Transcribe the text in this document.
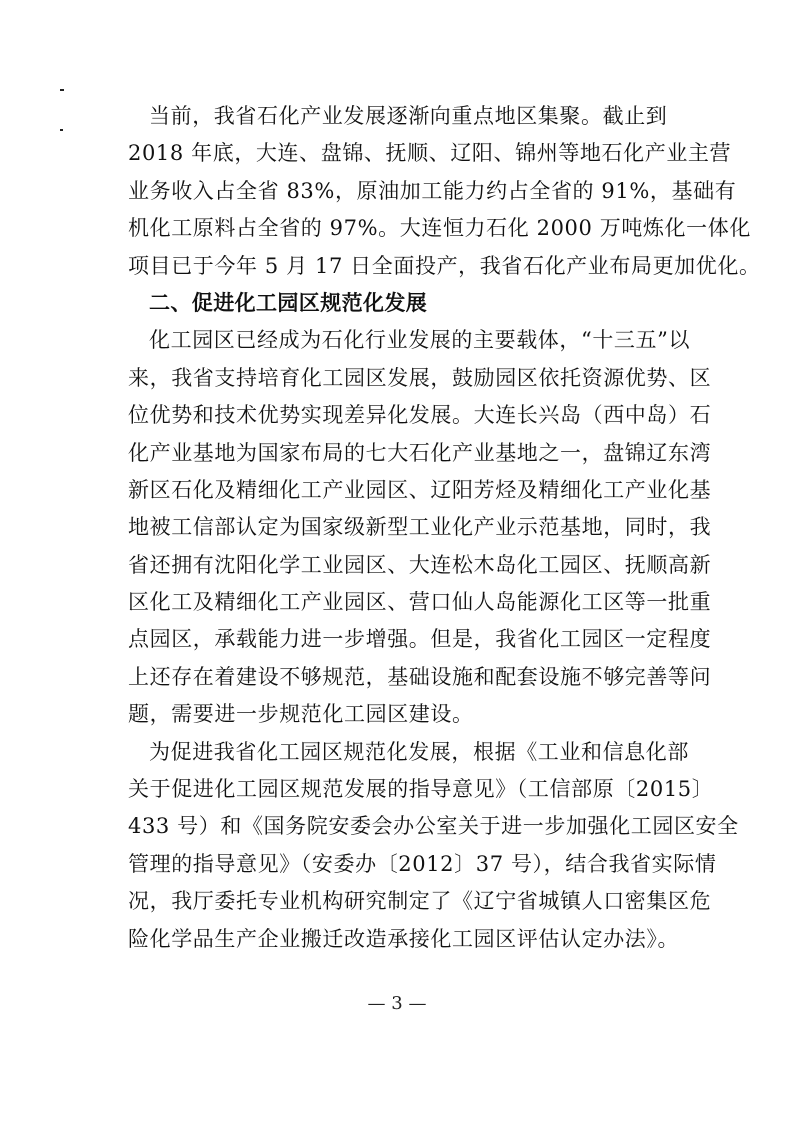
当前，我省石化产业发展逐渐向重点地区集聚。截止到
2018 年底，大连、盘锦、抚顺、辽阳、锦州等地石化产业主营
业务收入占全省 83%，原油加工能力约占全省的 91%，基础有
机化工原料占全省的 97%。大连恒力石化 2000 万吨炼化一体化
项目已于今年 5 月 17 日全面投产，我省石化产业布局更加优化。
二、促进化工园区规范化发展
化工园区已经成为石化行业发展的主要载体，“十三五”以
来，我省支持培育化工园区发展，鼓励园区依托资源优势、区
位优势和技术优势实现差异化发展。大连长兴岛（西中岛）石
化产业基地为国家布局的七大石化产业基地之一，盘锦辽东湾
新区石化及精细化工产业园区、辽阳芳烃及精细化工产业化基
地被工信部认定为国家级新型工业化产业示范基地，同时，我
省还拥有沈阳化学工业园区、大连松木岛化工园区、抚顺高新
区化工及精细化工产业园区、营口仙人岛能源化工区等一批重
点园区，承载能力进一步增强。但是，我省化工园区一定程度
上还存在着建设不够规范，基础设施和配套设施不够完善等问
题，需要进一步规范化工园区建设。
为促进我省化工园区规范化发展，根据《工业和信息化部
关于促进化工园区规范发展的指导意见》（工信部原〔2015〕
433 号）和《国务院安委会办公室关于进一步加强化工园区安全
管理的指导意见》（安委办〔2012〕37 号），结合我省实际情
况，我厅委托专业机构研究制定了《辽宁省城镇人口密集区危
险化学品生产企业搬迁改造承接化工园区评估认定办法》。
— 3 —
